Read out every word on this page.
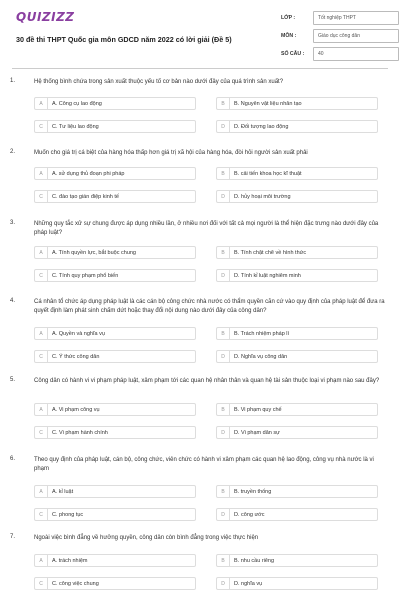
QUIZIZZ
30 đề thi THPT Quốc gia môn GDCD năm 2022 có lời giải (Đề 5)
LỚP :	Tốt nghiệp THPT
MÔN :	Giáo dục công dân
SỐ CÂU :	40
1.	Hệ thống bình chứa trong sản xuất thuộc yếu tố cơ bản nào dưới đây của quá trình sản xuất?
A	A. Công cụ lao động	B	B. Nguyên vật liệu nhân tạo
C	C. Tư liệu lao động	D	D. Đối tượng lao động
2.	Muốn cho giá trị cá biệt của hàng hóa thấp hơn giá trị xã hội của hàng hóa, đòi hỏi người sản xuất phải
A	A. sử dụng thủ đoạn phi pháp	B	B. cải tiến khoa học kĩ thuật
C	C. đào tạo gián điệp kinh tế	D	D. hủy hoại môi trường
3.	Những quy tắc xử sự chung được áp dụng nhiều lần, ở nhiều nơi đối với tất cả mọi người là thể hiện đặc trưng nào dưới đây của pháp luật?
A	A. Tính quyền lực, bắt buộc chung	B	B. Tính chặt chẽ về hình thức
C	C. Tính quy phạm phổ biến	D	D. Tính kỉ luật nghiêm minh
4.	Cá nhân tổ chức áp dụng pháp luật là các cán bộ công chức nhà nước có thẩm quyền căn cứ vào quy định của pháp luật để đưa ra quyết định làm phát sinh chấm dứt hoặc thay đổi nội dung nào dưới đây của công dân?
A	A. Quyền và nghĩa vụ	B	B. Trách nhiệm pháp lí
C	C. Ý thức công dân	D	D. Nghĩa vụ công dân
5.	Công dân có hành vi vi phạm pháp luật, xâm phạm tới các quan hệ nhân thân và quan hệ tài sản thuộc loại vi phạm nào sau đây?
A	A. Vi phạm công vụ	B	B. Vi phạm quy chế
C	C. Vi phạm hành chính	D	D. Vi phạm dân sự
6.	Theo quy định của pháp luật, cán bộ, công chức, viên chức có hành vi xâm phạm các quan hệ lao động, công vụ nhà nước là vi phạm
A	A. kỉ luật	B	B. truyền thống
C	C. phong tục	D	D. công ước
7.	Ngoài việc bình đẳng về hưởng quyền, công dân còn bình đẳng trong việc thực hiện
A	A. trách nhiệm	B	B. nhu cầu riêng
C	C. công việc chung	D	D. nghĩa vụ
